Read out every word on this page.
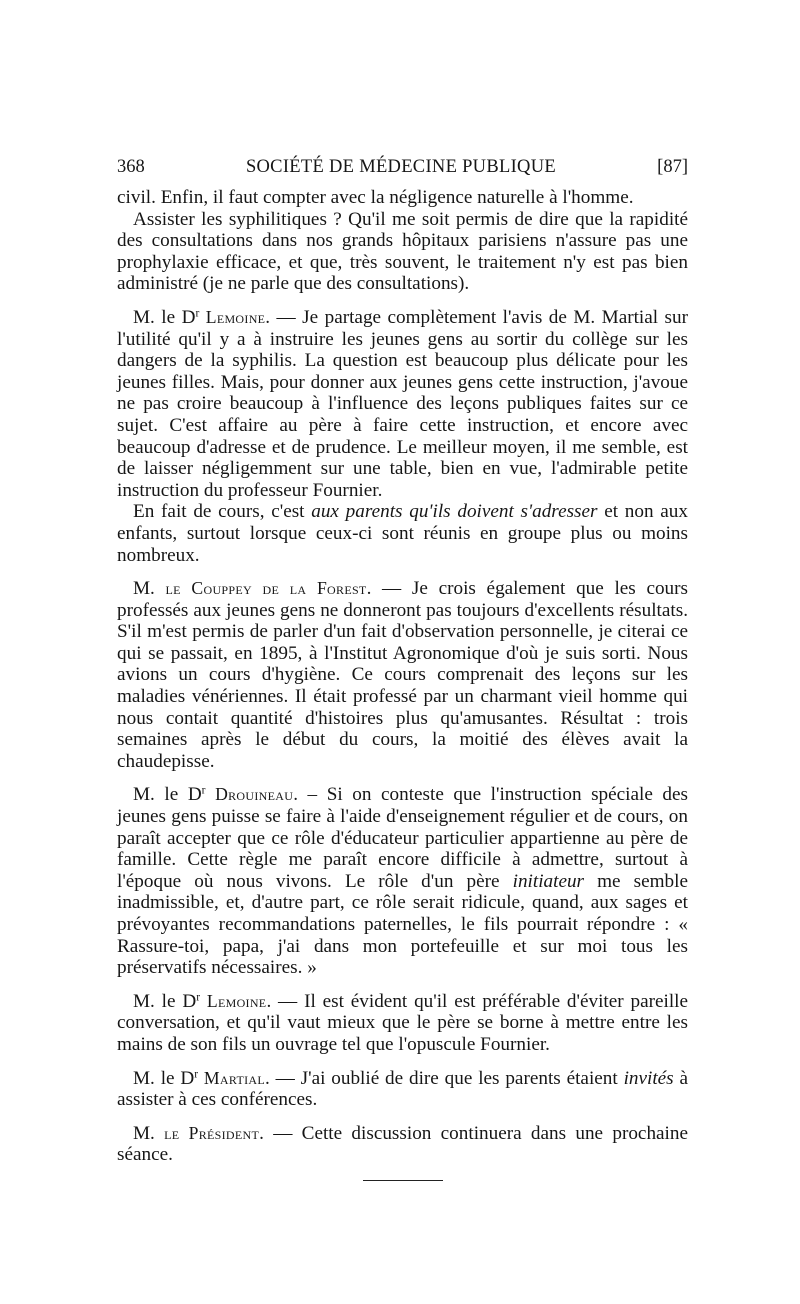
368	SOCIÉTÉ DE MÉDECINE PUBLIQUE	[87]

civil. Enfin, il faut compter avec la négligence naturelle à l'homme.

Assister les syphilitiques ? Qu'il me soit permis de dire que la rapidité des consultations dans nos grands hôpitaux parisiens n'assure pas une prophylaxie efficace, et que, très souvent, le traitement n'y est pas bien administré (je ne parle que des consultations).

M. le $D^r$ Lemoine. — Je partage complètement l'avis de M. Martial sur l'utilité qu'il y a à instruire les jeunes gens au sortir du collège sur les dangers de la syphilis. La question est beaucoup plus délicate pour les jeunes filles. Mais, pour donner aux jeunes gens cette instruction, j'avoue ne pas croire beaucoup à l'influence des leçons publiques faites sur ce sujet. C'est affaire au père à faire cette instruction, et encore avec beaucoup d'adresse et de prudence. Le meilleur moyen, il me semble, est de laisser négligemment sur une table, bien en vue, l'admirable petite instruction du professeur Fournier.

En fait de cours, c'est aux parents qu'ils doivent s'adresser et non aux enfants, surtout lorsque ceux-ci sont réunis en groupe plus ou moins nombreux.

M. le Couppey de la Forest. — Je crois également que les cours professés aux jeunes gens ne donneront pas toujours d'excellents résultats. S'il m'est permis de parler d'un fait d'observation personnelle, je citerai ce qui se passait, en 1895, à l'Institut Agronomique d'où je suis sorti. Nous avions un cours d'hygiène. Ce cours comprenait des leçons sur les maladies vénériennes. Il était professé par un charmant vieil homme qui nous contait quantité d'histoires plus qu'amusantes. Résultat : trois semaines après le début du cours, la moitié des élèves avait la chaudepisse.

M. le $D^r$ Drouineau. – Si on conteste que l'instruction spéciale des jeunes gens puisse se faire à l'aide d'enseignement régulier et de cours, on paraît accepter que ce rôle d'éducateur particulier appartienne au père de famille. Cette règle me paraît encore difficile à admettre, surtout à l'époque où nous vivons. Le rôle d'un père initiateur me semble inadmissible, et, d'autre part, ce rôle serait ridicule, quand, aux sages et prévoyantes recommandations paternelles, le fils pourrait répondre : « Rassure-toi, papa, j'ai dans mon portefeuille et sur moi tous les préservatifs nécessaires. »

M. le $D^r$ Lemoine. — Il est évident qu'il est préférable d'éviter pareille conversation, et qu'il vaut mieux que le père se borne à mettre entre les mains de son fils un ouvrage tel que l'opuscule Fournier.

M. le $D^r$ Martial. — J'ai oublié de dire que les parents étaient invités à assister à ces conférences.

M. le Président. — Cette discussion continuera dans une prochaine séance.
